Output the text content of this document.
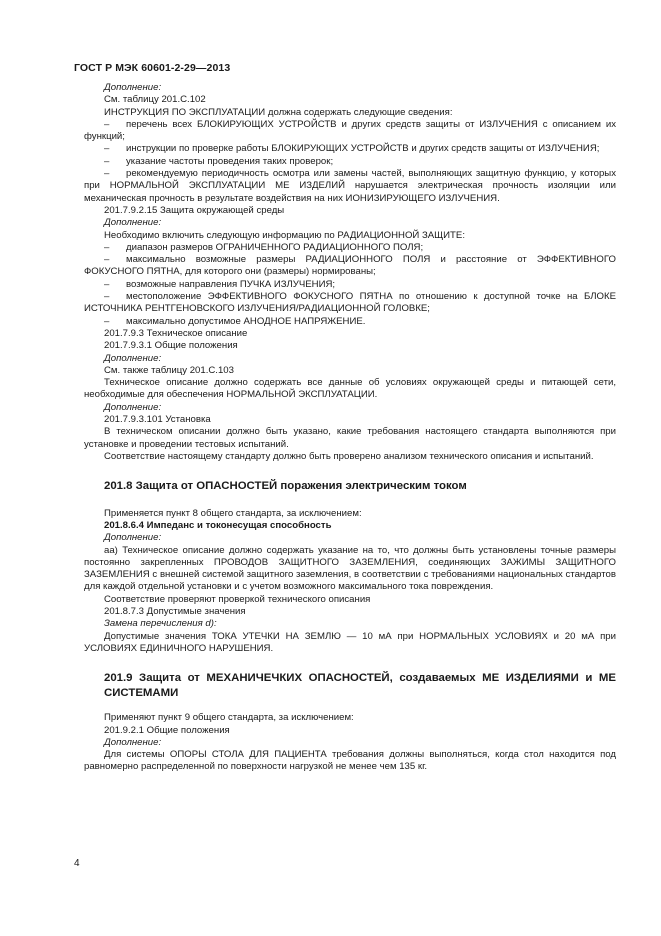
ГОСТ Р МЭК 60601-2-29—2013
Дополнение:
См. таблицу 201.C.102
ИНСТРУКЦИЯ ПО ЭКСПЛУАТАЦИИ должна содержать следующие сведения:
– перечень всех БЛОКИРУЮЩИХ УСТРОЙСТВ и других средств защиты от ИЗЛУЧЕНИЯ с описанием их функций;
– инструкции по проверке работы БЛОКИРУЮЩИХ УСТРОЙСТВ и других средств защиты от ИЗЛУЧЕНИЯ;
– указание частоты проведения таких проверок;
– рекомендуемую периодичность осмотра или замены частей, выполняющих защитную функцию, у которых при НОРМАЛЬНОЙ ЭКСПЛУАТАЦИИ МЕ ИЗДЕЛИЙ нарушается электрическая прочность изоляции или механическая прочность в результате воздействия на них ИОНИЗИРУЮЩЕГО ИЗЛУЧЕНИЯ.
201.7.9.2.15 Защита окружающей среды
Дополнение:
Необходимо включить следующую информацию по РАДИАЦИОННОЙ ЗАЩИТЕ:
– диапазон размеров ОГРАНИЧЕННОГО РАДИАЦИОННОГО ПОЛЯ;
– максимально возможные размеры РАДИАЦИОННОГО ПОЛЯ и расстояние от ЭФФЕКТИВНОГО ФОКУСНОГО ПЯТНА, для которого они (размеры) нормированы;
– возможные направления ПУЧКА ИЗЛУЧЕНИЯ;
– местоположение ЭФФЕКТИВНОГО ФОКУСНОГО ПЯТНА по отношению к доступной точке на БЛОКЕ ИСТОЧНИКА РЕНТГЕНОВСКОГО ИЗЛУЧЕНИЯ/РАДИАЦИОННОЙ ГОЛОВКЕ;
– максимально допустимое АНОДНОЕ НАПРЯЖЕНИЕ.
201.7.9.3 Техническое описание
201.7.9.3.1 Общие положения
Дополнение:
См. также таблицу 201.C.103
Техническое описание должно содержать все данные об условиях окружающей среды и питающей сети, необходимые для обеспечения НОРМАЛЬНОЙ ЭКСПЛУАТАЦИИ.
Дополнение:
201.7.9.3.101 Установка
В техническом описании должно быть указано, какие требования настоящего стандарта выполняются при установке и проведении тестовых испытаний.
Соответствие настоящему стандарту должно быть проверено анализом технического описания и испытаний.
201.8 Защита от ОПАСНОСТЕЙ поражения электрическим током
Применяется пункт 8 общего стандарта, за исключением:
201.8.6.4 Импеданс и токонесущая способность
Дополнение:
аа) Техническое описание должно содержать указание на то, что должны быть установлены точные размеры постоянно закрепленных ПРОВОДОВ ЗАЩИТНОГО ЗАЗЕМЛЕНИЯ, соединяющих ЗАЖИМЫ ЗАЩИТНОГО ЗАЗЕМЛЕНИЯ с внешней системой защитного заземления, в соответствии с требованиями национальных стандартов для каждой отдельной установки и с учетом возможного максимального тока повреждения.
Соответствие проверяют проверкой технического описания
201.8.7.3 Допустимые значения
Замена перечисления d):
Допустимые значения ТОКА УТЕЧКИ НА ЗЕМЛЮ — 10 мА при НОРМАЛЬНЫХ УСЛОВИЯХ и 20 мА при УСЛОВИЯХ ЕДИНИЧНОГО НАРУШЕНИЯ.
201.9 Защита от МЕХАНИЧЕЧКИХ ОПАСНОСТЕЙ, создаваемых МЕ ИЗДЕЛИЯМИ и МЕ СИСТЕМАМИ
Применяют пункт 9 общего стандарта, за исключением:
201.9.2.1 Общие положения
Дополнение:
Для системы ОПОРЫ СТОЛА ДЛЯ ПАЦИЕНТА требования должны выполняться, когда стол находится под равномерно распределенной по поверхности нагрузкой не менее чем 135 кг.
4
